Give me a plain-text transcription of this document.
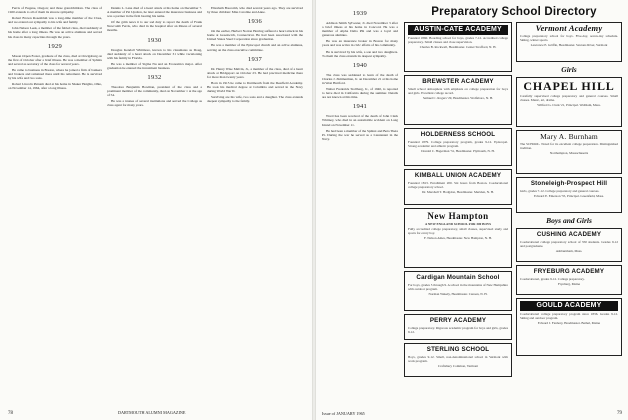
Ferris of Eugene, Oregon; and three grandchildren. The class of 1920 extends to all of them its sincere sympathy.

Robert Brown Rosenbluh was a long-time member of the Class, and we extend our sympathy to his wife and family.

John Nelson Leek, a member of the fabled class, died suddenly at his home after a long illness. He was an active alumnus and served his class in many capacities through the years.

1929

Mason Orpen Foster, graduate of the class, died at Orwigsburg on the first of October after a brief illness. He was a member of Sphinx and served as secretary of the class for several years.

He came to business in Boston, where he joined a firm of bankers and brokers and remained there until his retirement. He is survived by his wife and two sons.

Robert Lincoln Putnam died at his home in Shaker Heights, Ohio, on November 14, 1964, after a long illness.

Dennis L. Lane died of a heart attack at his home on December 7. A member of Psi Upsilon, he later entered the insurance business and was a partner in the firm bearing his name.

Of the grim news it is our sad duty to report the death of Frank Newcomb Ferris, who died in the hospital after an illness of several months.

1930

Douglas Kendall Whitmore, known to his classmates as Doug, died suddenly of a heart attack on December 31 while vacationing with his family in Florida.

He was a member of Sigma Nu and an Economics major. After graduation he entered the investment business.

1932

Theodore Benjamin Bowman, president of the class and a prominent member of the community, died on November 1 at the age of 54.

He was a trustee of several institutions and served the College as class agent for many years.

Elizabeth Bascomb, who died several years ago. They are survived by three children: Miss Caroline and Anne.

1936

On the earlier, Herbert Norton Herring suffered a heart attack in his home at Greenwich, Connecticut. He had been associated with the United States Steel Corporation since graduation.

He was a member of the Episcopal church and an active alumnus, serving on the class executive committee.

1937

Dr. Henry Wise Malvin, Jr., a member of the class, died of a heart attack at Bridgeport on October 23. He had practiced medicine there for more than twenty years.

Born in 1915 he came to Dartmouth from the Deerfield Academy. He took his medical degree at Columbia and served in the Navy during World War II.

Surviving are his wife, two sons and a daughter. The class extends deepest sympathy to the family.

78	DARTMOUTH ALUMNI MAGAZINE
1939

Addison Smith Sylvester, Jr. died November 3 after a brief illness at his home in Concord. He was a member of Alpha Delta Phi and was a loyal and generous alumnus.

He was an insurance broker in Boston for many years and was active in civic affairs of his community.

He is survived by his wife, a son and two daughters. To them the class extends its deepest sympathy.

1940

The class was saddened to learn of the death of Charles J. Zimmerman, Jr. on December 21 at his home in West Hartford.

Walter Frederick Stollberg, Jr., of 1940, is reported to have died in California during the summer. Details are not known at this time.

1941

Word has been received of the death of John Clark Whitney, who died in an automobile accident on Long Island on November 11.

He had been a member of the Sphinx and Beta Theta Pi. During the war he served as a Lieutenant in the Navy.

Preparatory School Directory
AUSTIN-CATE ACADEMY
Founded 1860. Boarding school for boys, grades 7-12. Accredited college preparatory. Small classes and close supervision.
Charles B. Rockwell, Headmaster. Center Strafford, N. H.
BREWSTER ACADEMY
Small school atmosphere with emphasis on college preparation for boys and girls. Excellent college record.
Samuel C. Rogers '29, Headmaster. Wolfeboro, N. H.
HOLDERNESS SCHOOL
Founded 1879. College preparatory program, grades 9-12. Episcopal. Strong academic and athletic program.
Donald C. Hagerman '31, Headmaster. Plymouth, N. H.
KIMBALL UNION ACADEMY
Founded 1813. Enrollment 200. Six hours from Boston. Coeducational college preparatory school.
Dr. Marshall T. Hodgdon, Headmaster. Meriden, N. H.
New Hampton
A NEW ENGLAND SCHOOL FOR 300 BOYS
Fully accredited college preparatory, small classes, supervised study and sports for every boy.
F. Nelson Ames, Headmaster. New Hampton, N. H.
Cardigan Mountain School
For boys, grades 5 through 9. A school in the mountains of New Hampshire with outdoor program.
Norman Wakely, Headmaster. Canaan, N. H.
PERRY ACADEMY
College preparatory. Rigorous academic program for boys and girls, grades 9-12.
STERLING SCHOOL
Boys, grades 9-12. Small, non-denominational school in Vermont with work program.
Craftsbury Common, Vermont
Vermont Academy
College preparatory school for boys. Five-day, seven-day schedule. Skiing, winter sports.
Lawrence E. Griffin, Headmaster. Saxtons River, Vermont
Girls
CHAPEL HILL
Carefully supervised college preparatory and general courses. Small classes. Music, art, drama.
Wilfred G. Clark '21, Principal. Waltham, Mass.
Mary A. Burnham
The SCHOOL. Noted for its excellent college preparation. Distinguished tradition.
Northampton, Massachusetts
Stoneleigh-Prospect Hill
Girls, grades 7-12. College preparatory and general courses.
Edward E. Emerson '35, Principal. Greenfield, Mass.
Boys and Girls
CUSHING ACADEMY
Coeducational college preparatory school of 350 students. Grades 9-12 and postgraduate.
Ashburnham, Mass.
FRYEBURG ACADEMY
Coeducational, grades 9-12. College preparatory.
Fryeburg, Maine
GOULD ACADEMY
Coeducational college preparatory program since 1836. Grades 9-12. Skiing and outdoor program.
Edward J. Fanbery, Headmaster. Bethel, Maine
Issue of JANUARY 1965	79
